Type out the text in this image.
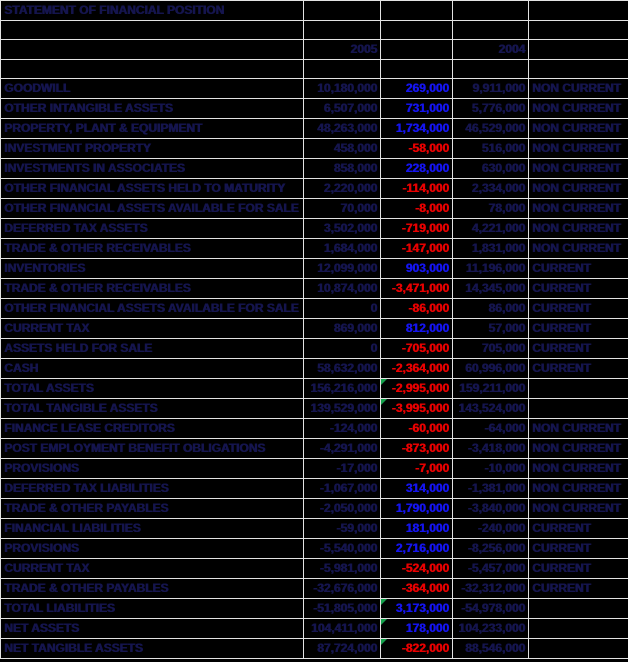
STATEMENT OF FINANCIAL POSITION				

	2005		2004	

GOODWILL	10,180,000	269,000	9,911,000	NON CURRENT
OTHER INTANGIBLE ASSETS	6,507,000	731,000	5,776,000	NON CURRENT
PROPERTY, PLANT & EQUIPMENT	48,263,000	1,734,000	46,529,000	NON CURRENT
INVESTMENT PROPERTY	458,000	-58,000	516,000	NON CURRENT
INVESTMENTS IN ASSOCIATES	858,000	228,000	630,000	NON CURRENT
OTHER FINANCIAL ASSETS HELD TO MATURITY	2,220,000	-114,000	2,334,000	NON CURRENT
OTHER FINANCIAL ASSETS AVAILABLE FOR SALE	70,000	-8,000	78,000	NON CURRENT
DEFERRED TAX ASSETS	3,502,000	-719,000	4,221,000	NON CURRENT
TRADE & OTHER RECEIVABLES	1,684,000	-147,000	1,831,000	NON CURRENT
INVENTORIES	12,099,000	903,000	11,196,000	CURRENT
TRADE & OTHER RECEIVABLES	10,874,000	-3,471,000	14,345,000	CURRENT
OTHER FINANCIAL ASSETS AVAILABLE FOR SALE	0	-86,000	86,000	CURRENT
CURRENT TAX	869,000	812,000	57,000	CURRENT
ASSETS HELD FOR SALE	0	-705,000	705,000	CURRENT
CASH	58,632,000	-2,364,000	60,996,000	CURRENT
TOTAL ASSETS	156,216,000	-2,995,000	159,211,000	
TOTAL TANGIBLE ASSETS	139,529,000	-3,995,000	143,524,000	
FINANCE LEASE CREDITORS	-124,000	-60,000	-64,000	NON CURRENT
POST EMPLOYMENT BENEFIT OBLIGATIONS	-4,291,000	-873,000	-3,418,000	NON CURRENT
PROVISIONS	-17,000	-7,000	-10,000	NON CURRENT
DEFERRED TAX LIABILITIES	-1,067,000	314,000	-1,381,000	NON CURRENT
TRADE & OTHER PAYABLES	-2,050,000	1,790,000	-3,840,000	NON CURRENT
FINANCIAL LIABILITIES	-59,000	181,000	-240,000	CURRENT
PROVISIONS	-5,540,000	2,716,000	-8,256,000	CURRENT
CURRENT TAX	-5,981,000	-524,000	-5,457,000	CURRENT
TRADE & OTHER PAYABLES	-32,676,000	-364,000	-32,312,000	CURRENT
TOTAL LIABILITIES	-51,805,000	3,173,000	-54,978,000	
NET ASSETS	104,411,000	178,000	104,233,000	
NET TANGIBLE ASSETS	87,724,000	-822,000	88,546,000	
